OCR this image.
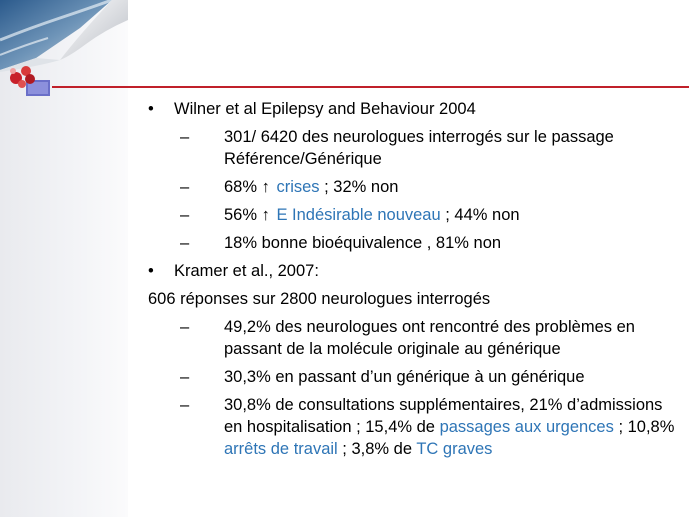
• Wilner et al Epilepsy and Behaviour 2004
– 301/ 6420 des neurologues interrogés sur le passage Référence/Générique
– 68% ↑ crises ; 32% non
– 56% ↑ E Indésirable nouveau ; 44% non
– 18% bonne bioéquivalence , 81% non
• Kramer et al., 2007:
606 réponses sur 2800 neurologues interrogés
– 49,2% des neurologues ont rencontré des problèmes en passant de la molécule originale au générique
– 30,3% en passant d’un générique à un générique
– 30,8% de consultations supplémentaires, 21% d’admissions en hospitalisation ; 15,4% de passages aux urgences ; 10,8% arrêts de travail ; 3,8% de TC graves
